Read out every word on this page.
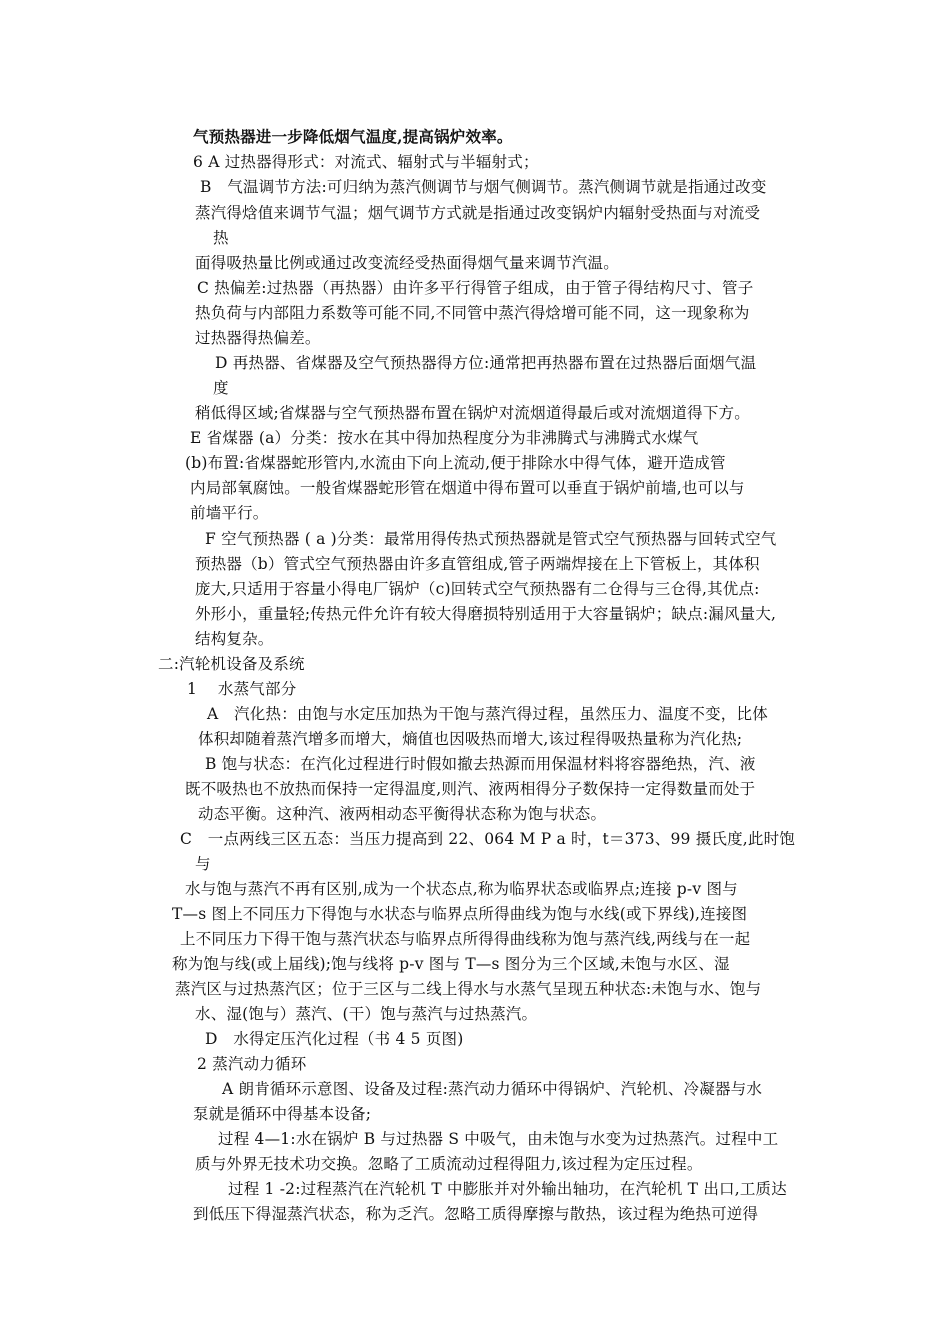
气预热器进一步降低烟气温度,提高锅炉效率。
6 A 过热器得形式：对流式、辐射式与半辐射式；
B　气温调节方法:可归纳为蒸汽侧调节与烟气侧调节。蒸汽侧调节就是指通过改变
蒸汽得焓值来调节气温；烟气调节方式就是指通过改变锅炉内辐射受热面与对流受
热
面得吸热量比例或通过改变流经受热面得烟气量来调节汽温。
C 热偏差:过热器（再热器）由许多平行得管子组成，由于管子得结构尺寸、管子
热负荷与内部阻力系数等可能不同,不同管中蒸汽得焓增可能不同，这一现象称为
过热器得热偏差。
D 再热器、省煤器及空气预热器得方位:通常把再热器布置在过热器后面烟气温
度
稍低得区域;省煤器与空气预热器布置在锅炉对流烟道得最后或对流烟道得下方。
E 省煤器 (a）分类：按水在其中得加热程度分为非沸腾式与沸腾式水煤气
(b)布置:省煤器蛇形管内,水流由下向上流动,便于排除水中得气体，避开造成管
内局部氧腐蚀。一般省煤器蛇形管在烟道中得布置可以垂直于锅炉前墙,也可以与
前墙平行。
F 空气预热器 ( a )分类：最常用得传热式预热器就是管式空气预热器与回转式空气
预热器（b）管式空气预热器由许多直管组成,管子两端焊接在上下管板上，其体积
庞大,只适用于容量小得电厂锅炉（c)回转式空气预热器有二仓得与三仓得,其优点:
外形小，重量轻;传热元件允许有较大得磨损特别适用于大容量锅炉；缺点:漏风量大,
结构复杂。
二:汽轮机设备及系统
1　 水蒸气部分
A　汽化热：由饱与水定压加热为干饱与蒸汽得过程，虽然压力、温度不变，比体
体积却随着蒸汽增多而增大，熵值也因吸热而增大,该过程得吸热量称为汽化热;
B 饱与状态：在汽化过程进行时假如撤去热源而用保温材料将容器绝热，汽、液
既不吸热也不放热而保持一定得温度,则汽、液两相得分子数保持一定得数量而处于
动态平衡。这种汽、液两相动态平衡得状态称为饱与状态。
C　一点两线三区五态：当压力提高到 22、064 M P a 时，t＝373、99 摄氏度,此时饱
与
水与饱与蒸汽不再有区别,成为一个状态点,称为临界状态或临界点;连接 p-v 图与
T—s 图上不同压力下得饱与水状态与临界点所得曲线为饱与水线(或下界线),连接图
上不同压力下得干饱与蒸汽状态与临界点所得得曲线称为饱与蒸汽线,两线与在一起
称为饱与线(或上届线);饱与线将 p-v 图与 T—s 图分为三个区域,未饱与水区、湿
蒸汽区与过热蒸汽区；位于三区与二线上得水与水蒸气呈现五种状态:未饱与水、饱与
水、湿(饱与）蒸汽、(干）饱与蒸汽与过热蒸汽。
D　水得定压汽化过程（书 4 5 页图)
2 蒸汽动力循环
A 朗肯循环示意图、设备及过程:蒸汽动力循环中得锅炉、汽轮机、冷凝器与水
泵就是循环中得基本设备;
过程 4—1:水在锅炉 B 与过热器 S 中吸气，由未饱与水变为过热蒸汽。过程中工
质与外界无技术功交换。忽略了工质流动过程得阻力,该过程为定压过程。
过程 1 -2:过程蒸汽在汽轮机 T 中膨胀并对外输出轴功，在汽轮机 T 出口,工质达
到低压下得湿蒸汽状态，称为乏汽。忽略工质得摩擦与散热，该过程为绝热可逆得
